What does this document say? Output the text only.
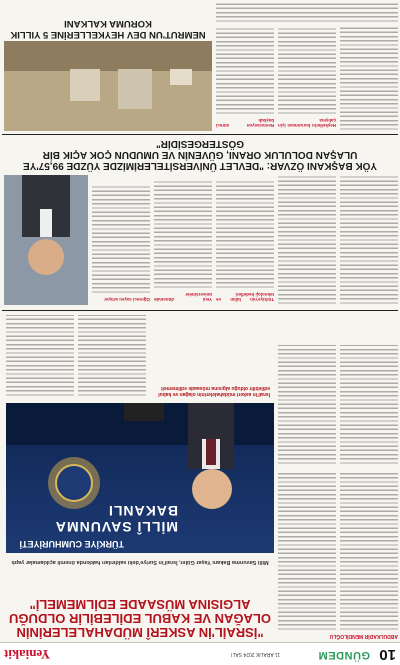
10
GÜNDEM
11 ARALIK 2024 SALI
Yeniakit
ABDULKADİR MENDİLOĞLU
"İSRAİL'İN ASKERÎ MÜDAHALELERİNİN OLAĞAN VE KABUL EDİLEBİLİR OLDUĞU ALGISINA MÜSAADE EDİLMEMELİ"
Milli Savunma Bakanı Yaşar Güler, İsrail'in Suriye'deki saldırıları hakkında önemli açıklamalar yaptı
MİLLÎ SAVUNMA BAKANLI
TÜRKİYE CUMHURİYETİ
İsrail'in askeri müdahalelerinin olağan ve kabul edilebilir olduğu algısına müsaade edilmemeli
Türkiye'nin bilim ve teknoloji hedefleri
Yeni dönemde üniversiteler
Öğrenci sayısı artıyor
YÖK BAŞKANI ÖZVAR: "DEVLET ÜNİVERSİTELERİMİZDE YÜZDE 99,57'YE ULAŞAN DOLULUK ORANI, GÜVENİN VE UMUDUN ÇOK AÇIK BİR GÖSTERGESİDİR"
Heykellerin korunması için çalışma
Restorasyon süreci başladı
NEMRUT'UN DEV HEYKELLERİNE 5 YILLIK KORUMA KALKANI
